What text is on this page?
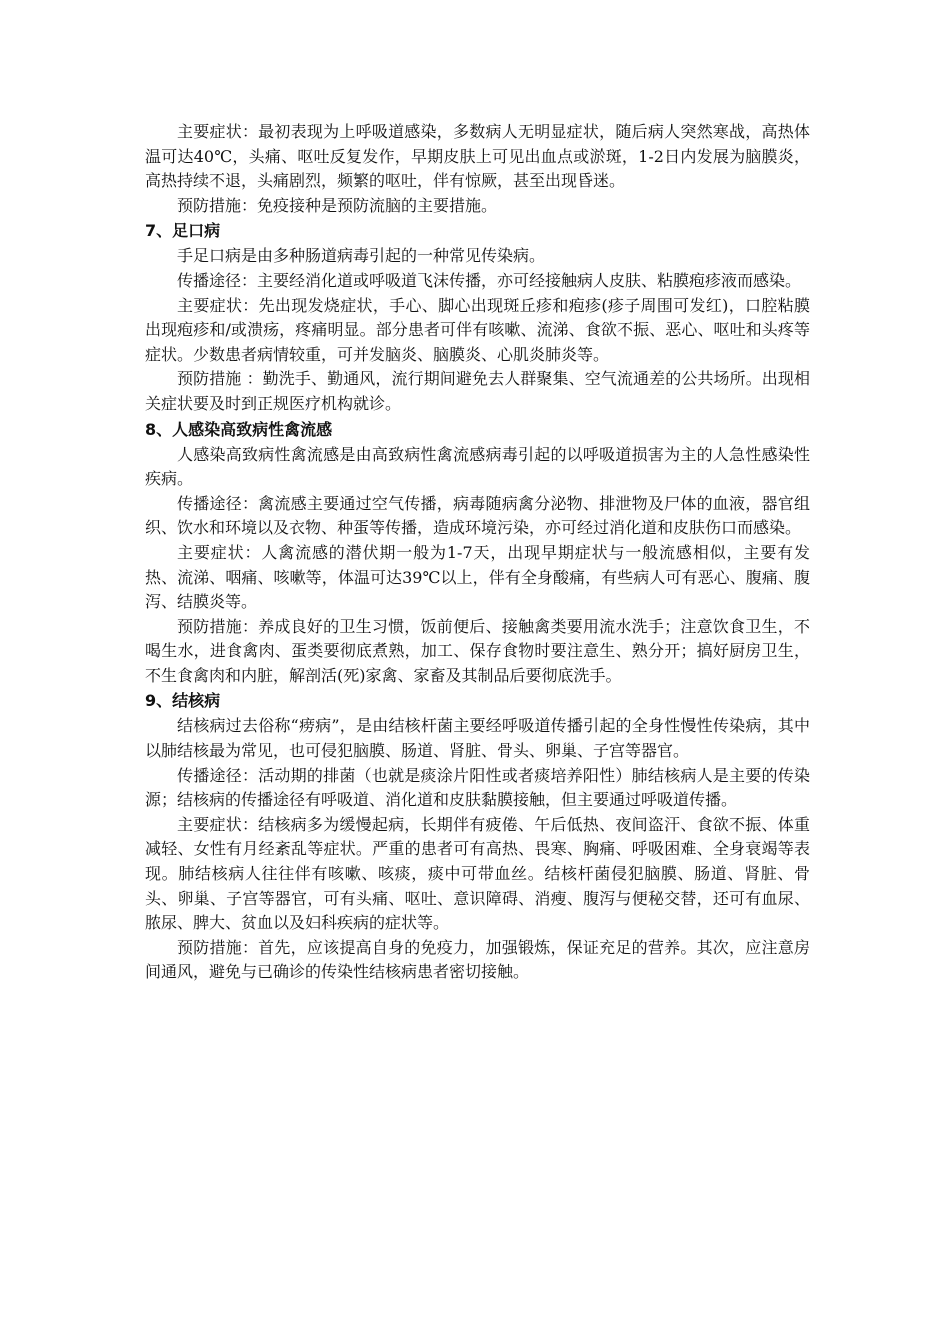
主要症状：最初表现为上呼吸道感染，多数病人无明显症状，随后病人突然寒战，高热体温可达40℃，头痛、呕吐反复发作，早期皮肤上可见出血点或淤斑，1-2日内发展为脑膜炎，高热持续不退，头痛剧烈，频繁的呕吐，伴有惊厥，甚至出现昏迷。

预防措施：免疫接种是预防流脑的主要措施。

7、足口病

手足口病是由多种肠道病毒引起的一种常见传染病。

传播途径：主要经消化道或呼吸道飞沫传播，亦可经接触病人皮肤、粘膜疱疹液而感染。

主要症状：先出现发烧症状，手心、脚心出现斑丘疹和疱疹(疹子周围可发红)，口腔粘膜出现疱疹和/或溃疡，疼痛明显。部分患者可伴有咳嗽、流涕、食欲不振、恶心、呕吐和头疼等症状。少数患者病情较重，可并发脑炎、脑膜炎、心肌炎肺炎等。

预防措施 ：勤洗手、勤通风，流行期间避免去人群聚集、空气流通差的公共场所。出现相关症状要及时到正规医疗机构就诊。

8、人感染高致病性禽流感

人感染高致病性禽流感是由高致病性禽流感病毒引起的以呼吸道损害为主的人急性感染性疾病。

传播途径：禽流感主要通过空气传播，病毒随病禽分泌物、排泄物及尸体的血液，器官组织、饮水和环境以及衣物、种蛋等传播，造成环境污染，亦可经过消化道和皮肤伤口而感染。

主要症状：人禽流感的潜伏期一般为1-7天，出现早期症状与一般流感相似，主要有发热、流涕、咽痛、咳嗽等，体温可达39℃以上，伴有全身酸痛，有些病人可有恶心、腹痛、腹泻、结膜炎等。

预防措施：养成良好的卫生习惯，饭前便后、接触禽类要用流水洗手；注意饮食卫生，不喝生水，进食禽肉、蛋类要彻底煮熟，加工、保存食物时要注意生、熟分开；搞好厨房卫生，不生食禽肉和内脏，解剖活(死)家禽、家畜及其制品后要彻底洗手。

9、结核病

结核病过去俗称“痨病”，是由结核杆菌主要经呼吸道传播引起的全身性慢性传染病，其中以肺结核最为常见，也可侵犯脑膜、肠道、肾脏、骨头、卵巢、子宫等器官。

传播途径：活动期的排菌（也就是痰涂片阳性或者痰培养阳性）肺结核病人是主要的传染源；结核病的传播途径有呼吸道、消化道和皮肤黏膜接触，但主要通过呼吸道传播。

主要症状：结核病多为缓慢起病，长期伴有疲倦、午后低热、夜间盗汗、食欲不振、体重减轻、女性有月经紊乱等症状。严重的患者可有高热、畏寒、胸痛、呼吸困难、全身衰竭等表现。肺结核病人往往伴有咳嗽、咳痰，痰中可带血丝。结核杆菌侵犯脑膜、肠道、肾脏、骨头、卵巢、子宫等器官，可有头痛、呕吐、意识障碍、消瘦、腹泻与便秘交替，还可有血尿、脓尿、脾大、贫血以及妇科疾病的症状等。

预防措施：首先，应该提高自身的免疫力，加强锻炼，保证充足的营养。其次，应注意房间通风，避免与已确诊的传染性结核病患者密切接触。
